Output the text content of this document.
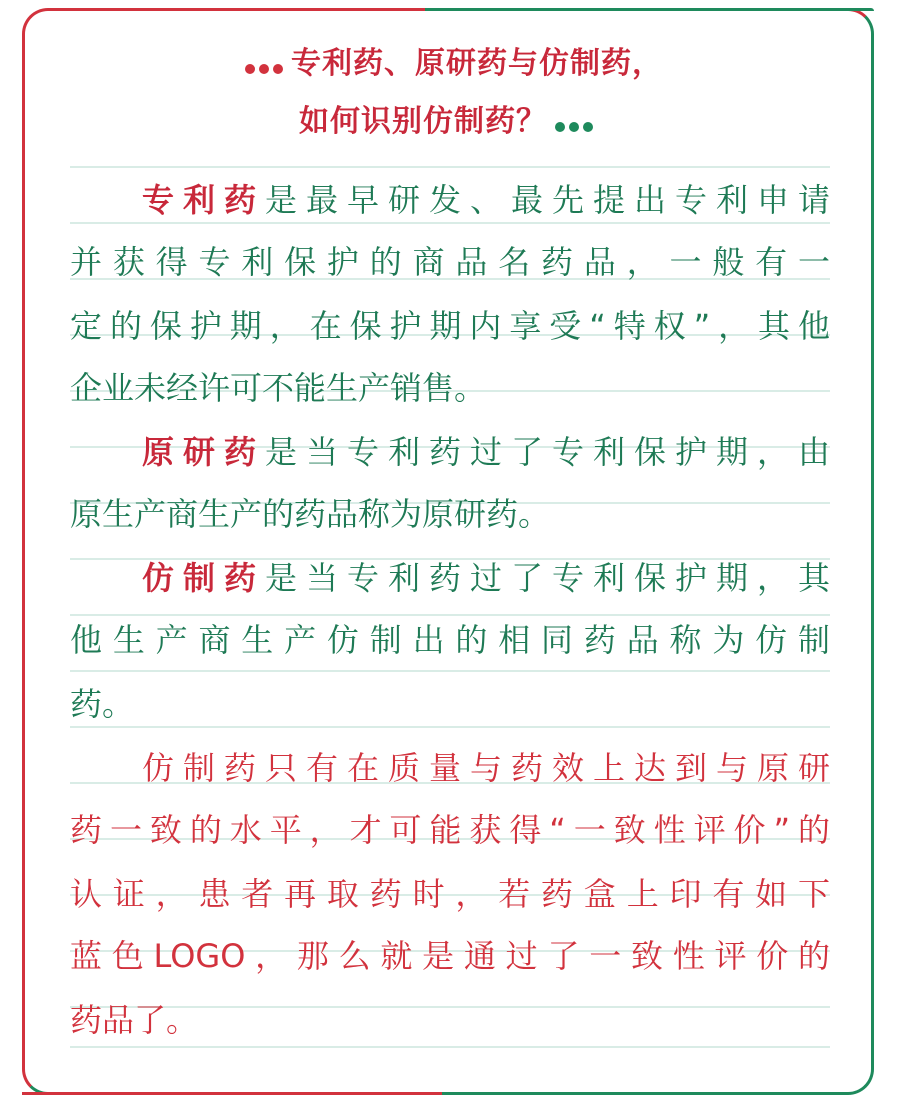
专利药、原研药与仿制药，
如何识别仿制药？
专利药是最早研发、最先提出专利申请
并获得专利保护的商品名药品，一般有一
定的保护期，在保护期内享受“特权”，其他
企业未经许可不能生产销售。
原研药是当专利药过了专利保护期，由
原生产商生产的药品称为原研药。
仿制药是当专利药过了专利保护期，其
他生产商生产仿制出的相同药品称为仿制
药。
仿制药只有在质量与药效上达到与原研
药一致的水平，才可能获得“一致性评价”的
认证，患者再取药时，若药盒上印有如下
蓝色LOGO，那么就是通过了一致性评价的
药品了。
